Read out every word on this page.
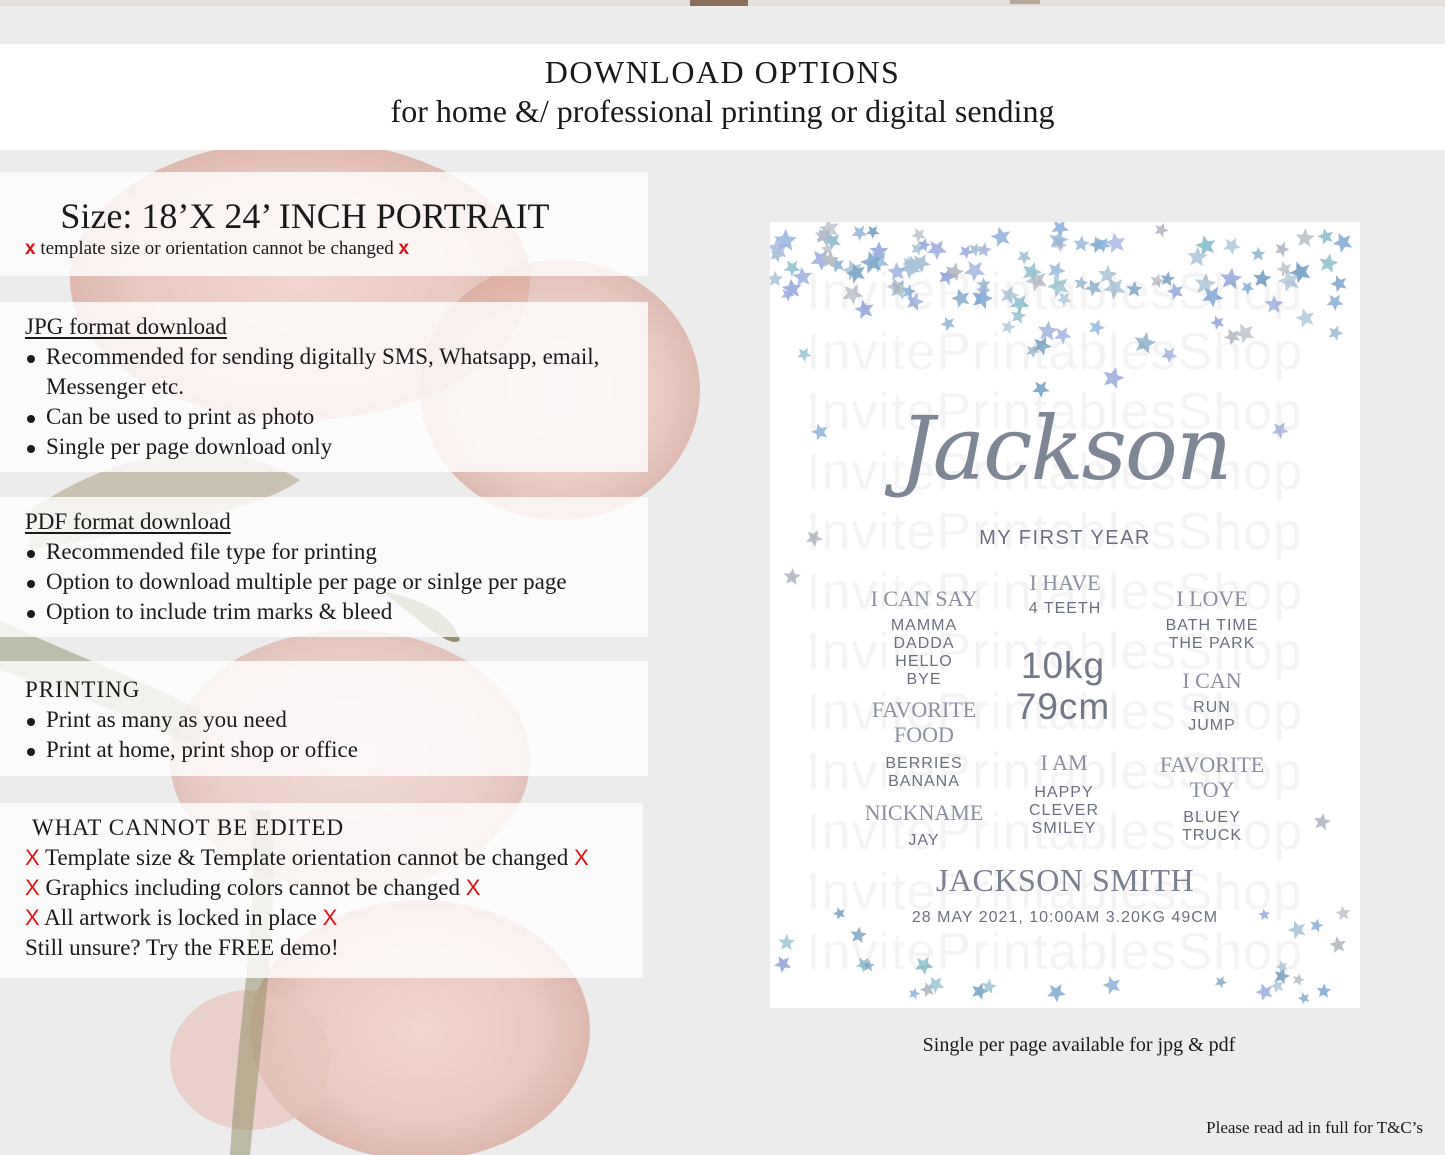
DOWNLOAD OPTIONS
for home &/ professional printing or digital sending
Size: 18’X 24’ INCH PORTRAIT
x template size or orientation cannot be changed x
JPG format download
Recommended for sending digitally SMS, Whatsapp, email,
Messenger etc.
Can be used to print as photo
Single per page download only
PDF format download
Recommended file type for printing
Option to download multiple per page or sinlge per page
Option to include trim marks & bleed
PRINTING
Print as many as you need
Print at home, print shop or office
WHAT CANNOT BE EDITED
X Template size & Template orientation cannot be changed X
X Graphics including colors cannot be changed X
X All artwork is locked in place X
Still unsure? Try the FREE demo!
Jackson
MY FIRST YEAR
I CAN SAY
MAMMA
DADDA
HELLO
BYE
I HAVE
4 TEETH	I LOVE
BATH TIME
THE PARK
10kg
79cm
I CAN
RUN
JUMP
FAVORITE
FOOD
BERRIES
BANANA
I AM
HAPPY
CLEVER
SMILEY
FAVORITE
TOY
BLUEY
TRUCK
NICKNAME
JAY
JACKSON SMITH
28 MAY 2021, 10:00AM 3.20KG 49CM
Single per page available for jpg & pdf
Please read ad in full for T&C’s
